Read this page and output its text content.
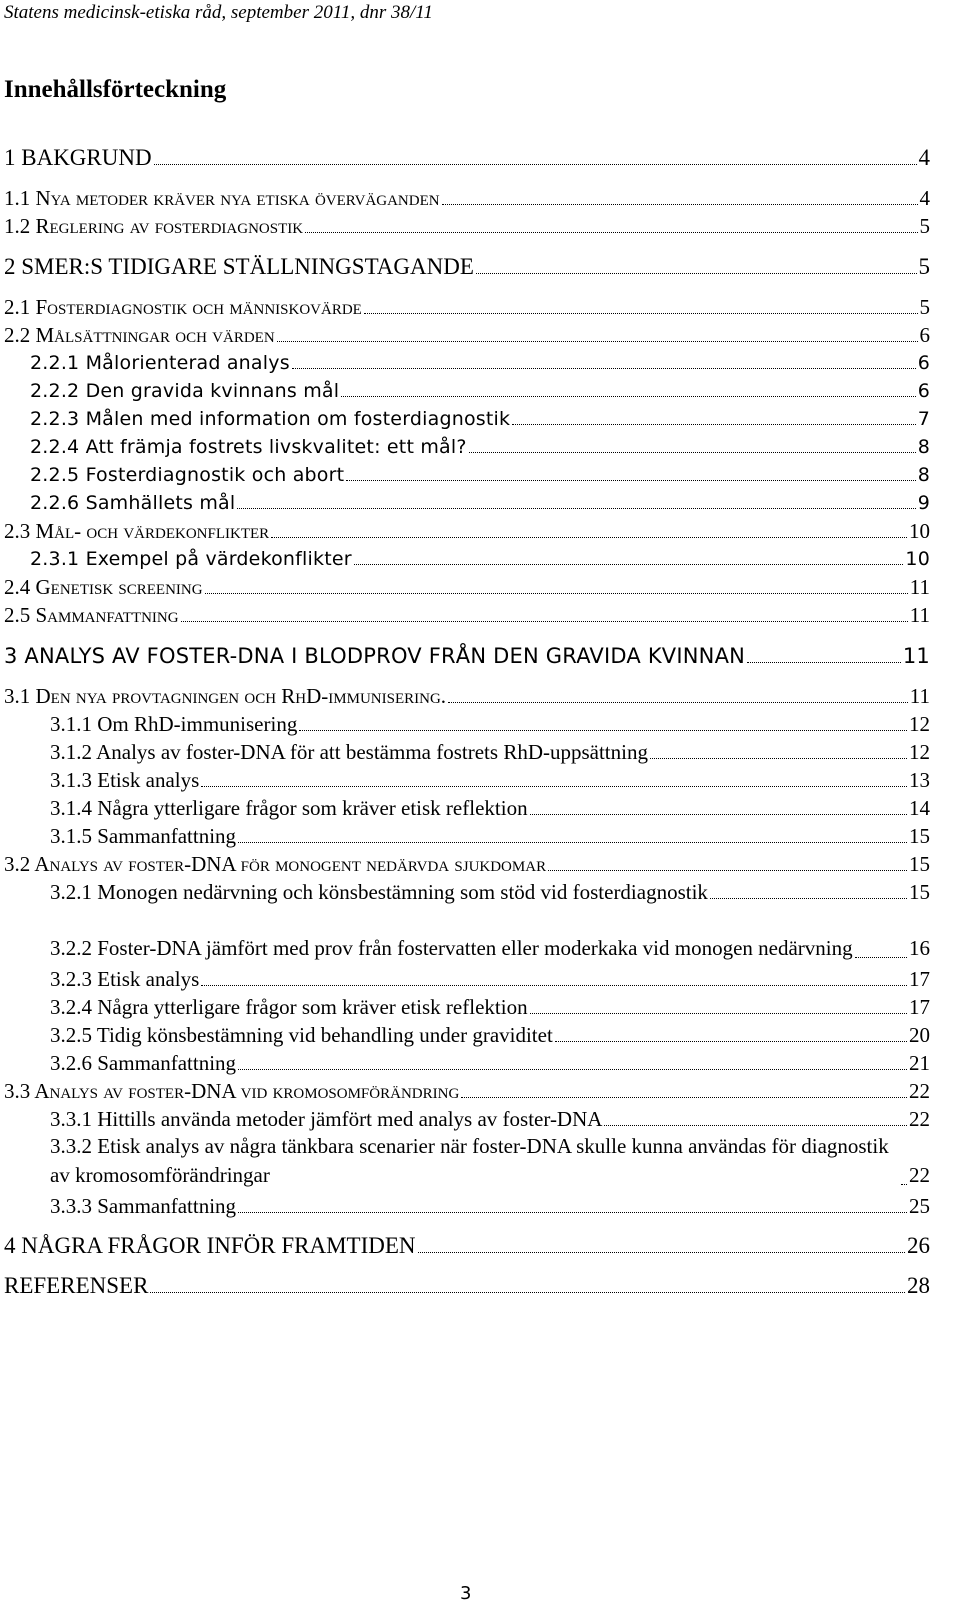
Statens medicinsk-etiska råd, september 2011, dnr 38/11
Innehållsförteckning
1 BAKGRUND	4
1.1 Nya metoder kräver nya etiska överväganden	4
1.2 Reglering av fosterdiagnostik	5
2 SMER:S TIDIGARE STÄLLNINGSTAGANDE	5
2.1 Fosterdiagnostik och människovärde	5
2.2 Målsättningar och värden	6
2.2.1 Målorienterad analys	6
2.2.2 Den gravida kvinnans mål	6
2.2.3 Målen med information om fosterdiagnostik	7
2.2.4 Att främja fostrets livskvalitet: ett mål?	8
2.2.5 Fosterdiagnostik och abort	8
2.2.6 Samhällets mål	9
2.3 Mål- och värdekonflikter	10
2.3.1 Exempel på värdekonflikter	10
2.4 Genetisk screening	11
2.5 Sammanfattning	11
3 ANALYS AV FOSTER-DNA I BLODPROV FRÅN DEN GRAVIDA KVINNAN	11
3.1 Den nya provtagningen och RhD-immunisering.	11
3.1.1 Om RhD-immunisering	12
3.1.2 Analys av foster-DNA för att bestämma fostrets RhD-uppsättning	12
3.1.3 Etisk analys	13
3.1.4 Några ytterligare frågor som kräver etisk reflektion	14
3.1.5 Sammanfattning	15
3.2 Analys av foster-DNA för monogent nedärvda sjukdomar	15
3.2.1 Monogen nedärvning och könsbestämning som stöd vid fosterdiagnostik	15
3.2.2 Foster-DNA jämfört med prov från fostervatten eller moderkaka vid monogen nedärvning	16
3.2.3 Etisk analys	17
3.2.4 Några ytterligare frågor som kräver etisk reflektion	17
3.2.5 Tidig könsbestämning vid behandling under graviditet	20
3.2.6 Sammanfattning	21
3.3 Analys av foster-DNA vid kromosomförändring	22
3.3.1 Hittills använda metoder jämfört med analys av foster-DNA	22
3.3.2 Etisk analys av några tänkbara scenarier när foster-DNA skulle kunna användas för diagnostik av kromosomförändringar	22
3.3.3 Sammanfattning	25
4 NÅGRA FRÅGOR INFÖR FRAMTIDEN	26
REFERENSER	28
3
